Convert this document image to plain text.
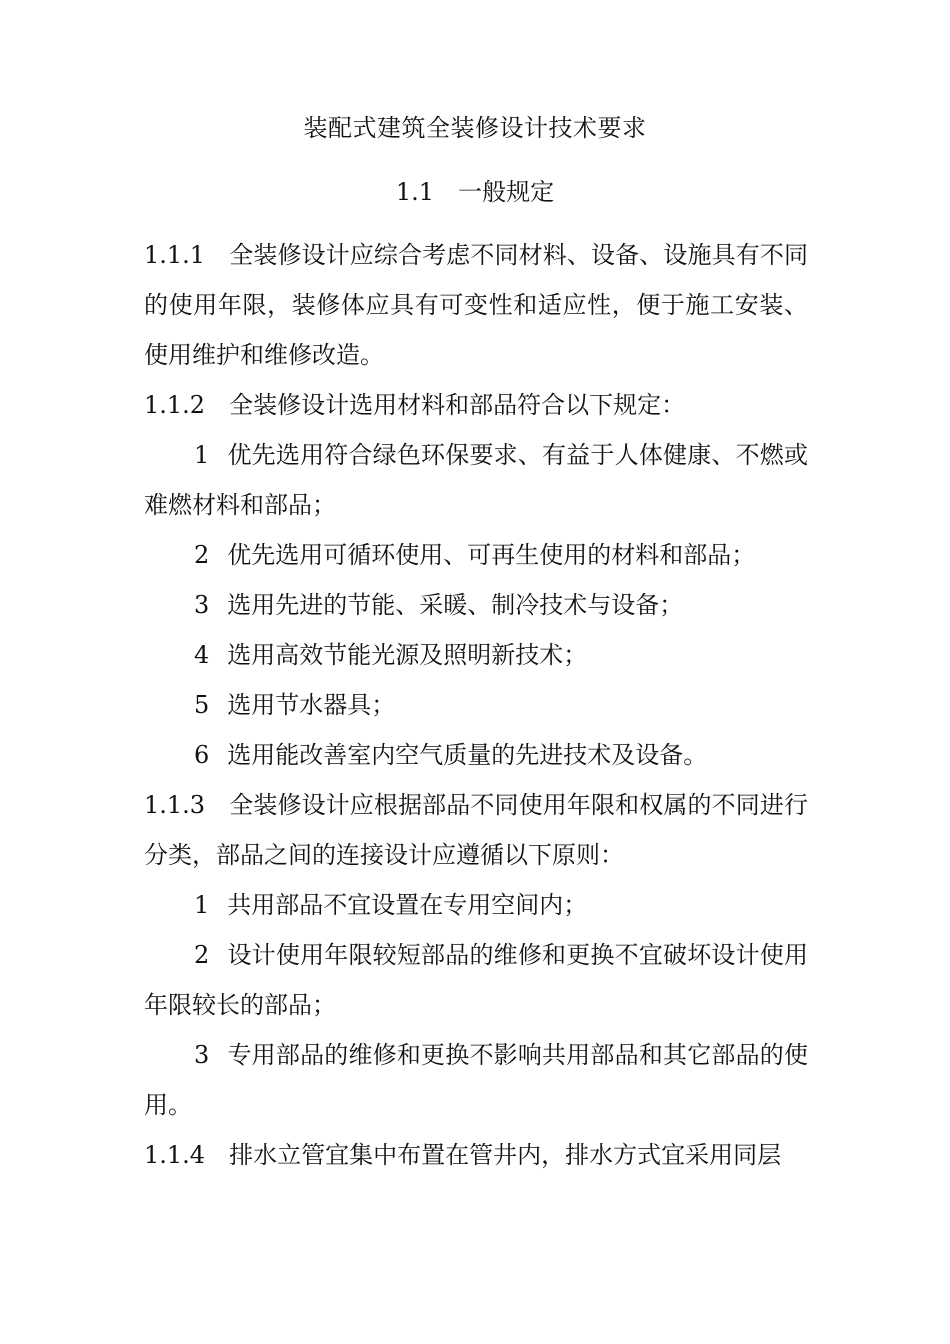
装配式建筑全装修设计技术要求
1.1 一般规定

1.1.1 全装修设计应综合考虑不同材料、设备、设施具有不同的使用年限，装修体应具有可变性和适应性，便于施工安装、使用维护和维修改造。

1.1.2 全装修设计选用材料和部品符合以下规定：

1 优先选用符合绿色环保要求、有益于人体健康、不燃或难燃材料和部品；

2 优先选用可循环使用、可再生使用的材料和部品；

3 选用先进的节能、采暖、制冷技术与设备；

4 选用高效节能光源及照明新技术；

5 选用节水器具；

6 选用能改善室内空气质量的先进技术及设备。

1.1.3 全装修设计应根据部品不同使用年限和权属的不同进行分类，部品之间的连接设计应遵循以下原则：

1 共用部品不宜设置在专用空间内；

2 设计使用年限较短部品的维修和更换不宜破坏设计使用年限较长的部品；

3 专用部品的维修和更换不影响共用部品和其它部品的使用。

1.1.4 排水立管宜集中布置在管井内，排水方式宜采用同层
